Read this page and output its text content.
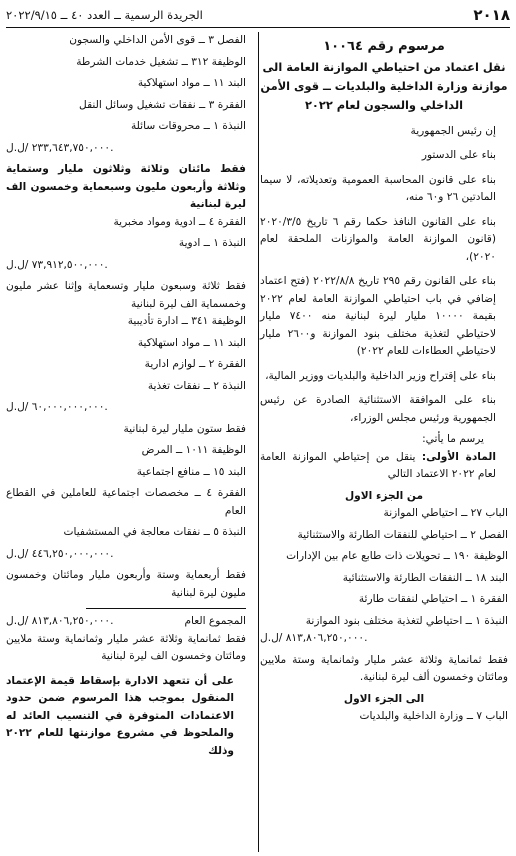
٢٠١٨
الجريدة الرسمية ــ العدد ٤٠ ــ ٢٠٢٢/٩/١٥
مرسوم رقم ١٠٠٦٤
نقل اعتماد من احتياطي الموازنة العامة الى موازنة وزارة الداخلية والبلديات ــ قوى الأمن الداخلي والسجون لعام ٢٠٢٢

إن رئيس الجمهورية

بناء على الدستور

بناء على قانون المحاسبة العمومية وتعديلاته، لا سيما المادتين ٢٦ و٦٠ منه،

بناء على القانون النافذ حكما رقم ٦ تاريخ ٢٠٢٠/٣/٥ (قانون الموازنة العامة والموازنات الملحقة لعام ٢٠٢٠)،

بناء على القانون رقم ٢٩٥ تاريخ ٢٠٢٢/٨/٨ (فتح اعتماد إضافي في باب احتياطي الموازنة العامة لعام ٢٠٢٢ بقيمة ١٠٠٠٠ مليار ليرة لبنانية منه ٧٤٠٠ مليار لاحتياطي لتغذية مختلف بنود الموازنة و٢٦٠٠ مليار لاحتياطي العطاءات للعام ٢٠٢٢)

بناء على إقتراح وزير الداخلية والبلديات ووزير المالية،

بناء على الموافقة الاستثنائية الصادرة عن رئيس الجمهورية ورئيس مجلس الوزراء،

يرسم ما يأتي:

المادة الأولى: ينقل من إحتياطي الموازنة العامة لعام ٢٠٢٢ الاعتماد التالي

من الجزء الاول

الباب ٢٧ ــ احتياطي الموازنة

الفصل ٢ ــ احتياطي للنفقات الطارئة والاستثنائية

الوظيفة ١٩٠ ــ تحويلات ذات طابع عام بين الإدارات

البند ١٨ ــ النفقات الطارئة والاستثنائية

الفقرة ١ ــ احتياطي لنفقات طارئة

النبذة ١ ــ احتياطي لتغذية مختلف بنود الموازنة

٨١٣,٨٠٦,٢٥٠,٠٠٠ /ل.ل.

فقط ثمانماية وثلاثة عشر مليار وثمانماية وستة ملايين ومائتان وخمسون ألف ليرة لبنانية.

الى الجزء الاول

الباب ٧ ــ وزارة الداخلية والبلديات

الفصل ٣ ــ قوى الأمن الداخلي والسجون

الوظيفة ٣١٢ ــ تشغيل خدمات الشرطة

البند ١١ ــ مواد استهلاكية

الفقرة ٣ ــ نفقات تشغيل وسائل النقل

النبذة ١ ــ محروقات سائلة

٢٣٣,٦٤٣,٧٥٠,٠٠٠ /ل.ل.

فقط مائتان وثلاثة وثلاثون مليار وستماية وثلاثة وأربعون مليون وسبعماية وخمسون الف ليرة لبنانية

الفقرة ٤ ــ ادوية ومواد مخبرية

النبذة ١ ــ ادوية

٧٣,٩١٢,٥٠٠,٠٠٠ /ل.ل.

فقط ثلاثة وسبعون مليار وتسعماية وإثنا عشر مليون وخمسماية الف ليرة لبنانية

الوظيفة ٣٤١ ــ ادارة تأديبية

البند ١١ ــ مواد استهلاكية

الفقرة ٢ ــ لوازم ادارية

النبذة ٢ ــ نفقات تغذية

٦٠,٠٠٠,٠٠٠,٠٠٠ /ل.ل.

فقط ستون مليار ليرة لبنانية

الوظيفة ١٠١١ ــ المرض

البند ١٥ ــ منافع اجتماعية

الفقرة ٤ ــ مخصصات اجتماعية للعاملين في القطاع العام

النبذة ٥ ــ نفقات معالجة في المستشفيات

٤٤٦,٢٥٠,٠٠٠,٠٠٠ /ل.ل.

فقط أربعماية وستة وأربعون مليار ومائتان وخمسون مليون ليرة لبنانية

المجموع العام
٨١٣,٨٠٦,٢٥٠,٠٠٠ /ل.ل.

فقط ثمانماية وثلاثة عشر مليار وثمانماية وستة ملايين ومائتان وخمسون الف ليرة لبنانية

على أن تتعهد الادارة بإسقاط قيمة الإعتماد المنقول بموجب هذا المرسوم ضمن حدود الاعتمادات المتوفرة في التنسيب العائد له والملحوظ في مشروع موازنتها للعام ٢٠٢٢ وذلك
